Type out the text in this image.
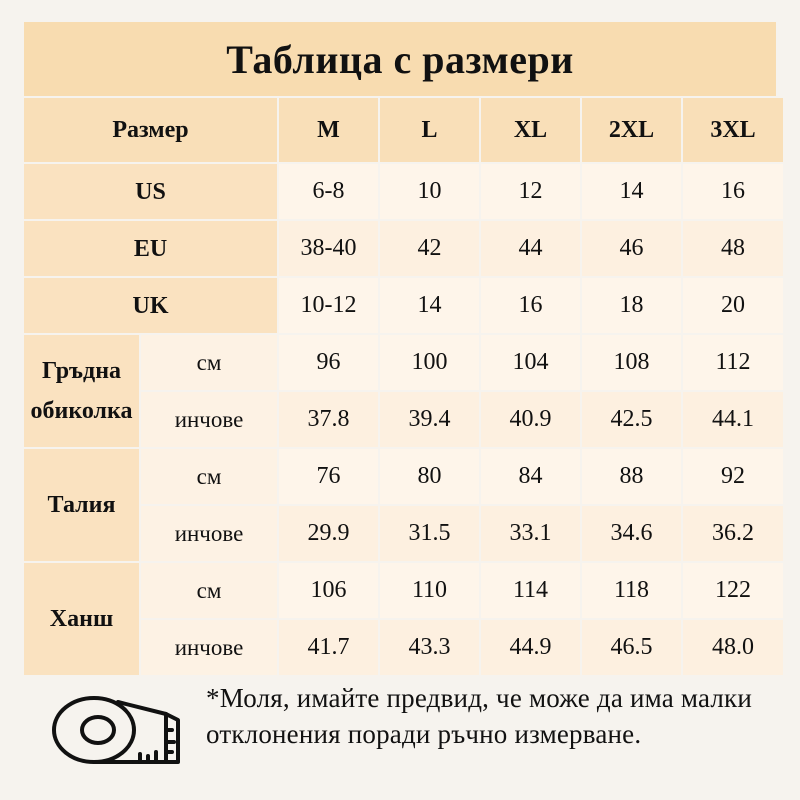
Таблица с размери
Размер	M	L	XL	2XL	3XL
US	6-8	10	12	14	16
EU	38-40	42	44	46	48
UK	10-12	14	16	18	20
Гръдна обиколка
см	96	100	104	108	112
инчове	37.8	39.4	40.9	42.5	44.1
Талия
см	76	80	84	88	92
инчове	29.9	31.5	33.1	34.6	36.2
Ханш
см	106	110	114	118	122
инчове	41.7	43.3	44.9	46.5	48.0
*Моля, имайте предвид, че може да има малки отклонения поради ръчно измерване.
